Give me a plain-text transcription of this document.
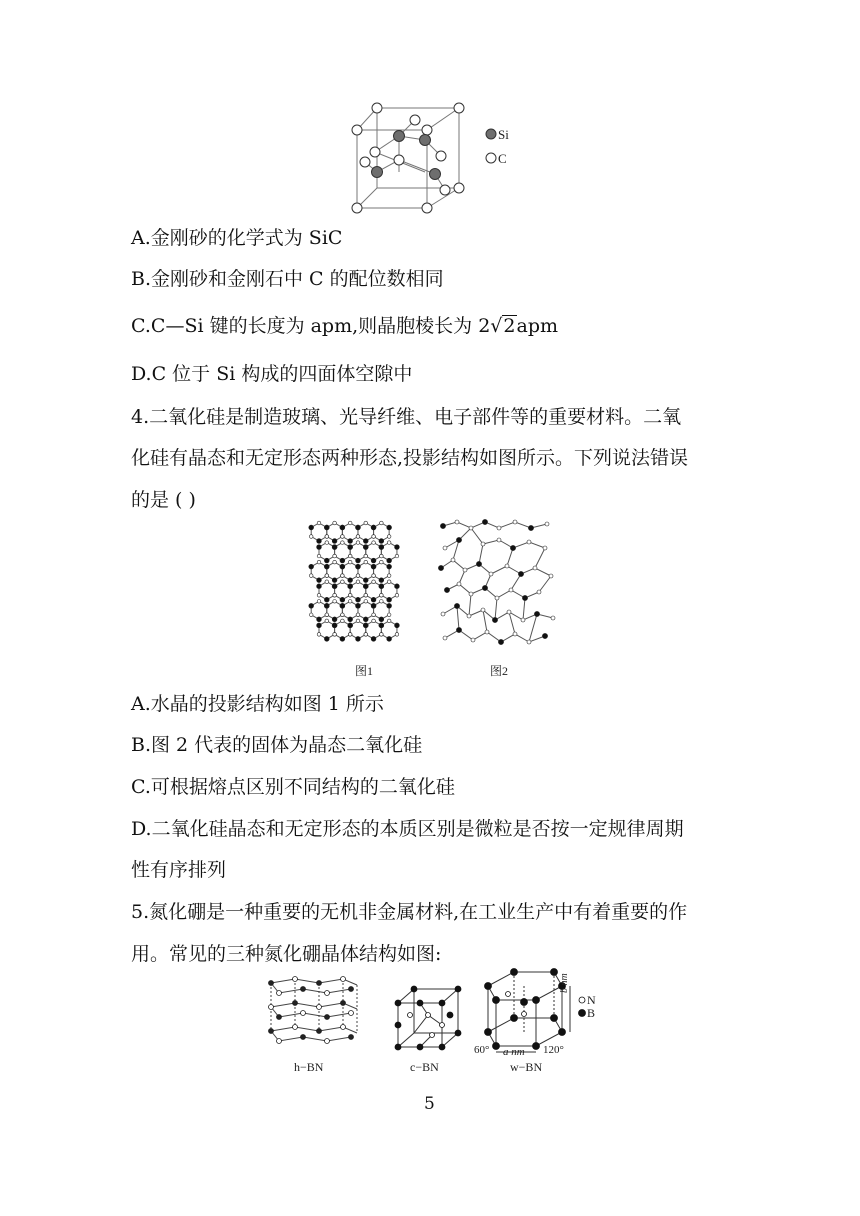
Si
C
A.金刚砂的化学式为 SiC
B.金刚砂和金刚石中 C 的配位数相同
C.C—Si 键的长度为 apm,则晶胞棱长为 2√2apm
D.C 位于 Si 构成的四面体空隙中
4.二氧化硅是制造玻璃、光导纤维、电子部件等的重要材料。二氧
化硅有晶态和无定形态两种形态,投影结构如图所示。下列说法错误
的是 ( )
图1	图2
A.水晶的投影结构如图 1 所示
B.图 2 代表的固体为晶态二氧化硅
C.可根据熔点区别不同结构的二氧化硅
D.二氧化硅晶态和无定形态的本质区别是微粒是否按一定规律周期
性有序排列
5.氮化硼是一种重要的无机非金属材料,在工业生产中有着重要的作
用。常见的三种氮化硼晶体结构如图:
h−BN	c−BN
N
B
b nm
a nm
60°	120°
w−BN
5
